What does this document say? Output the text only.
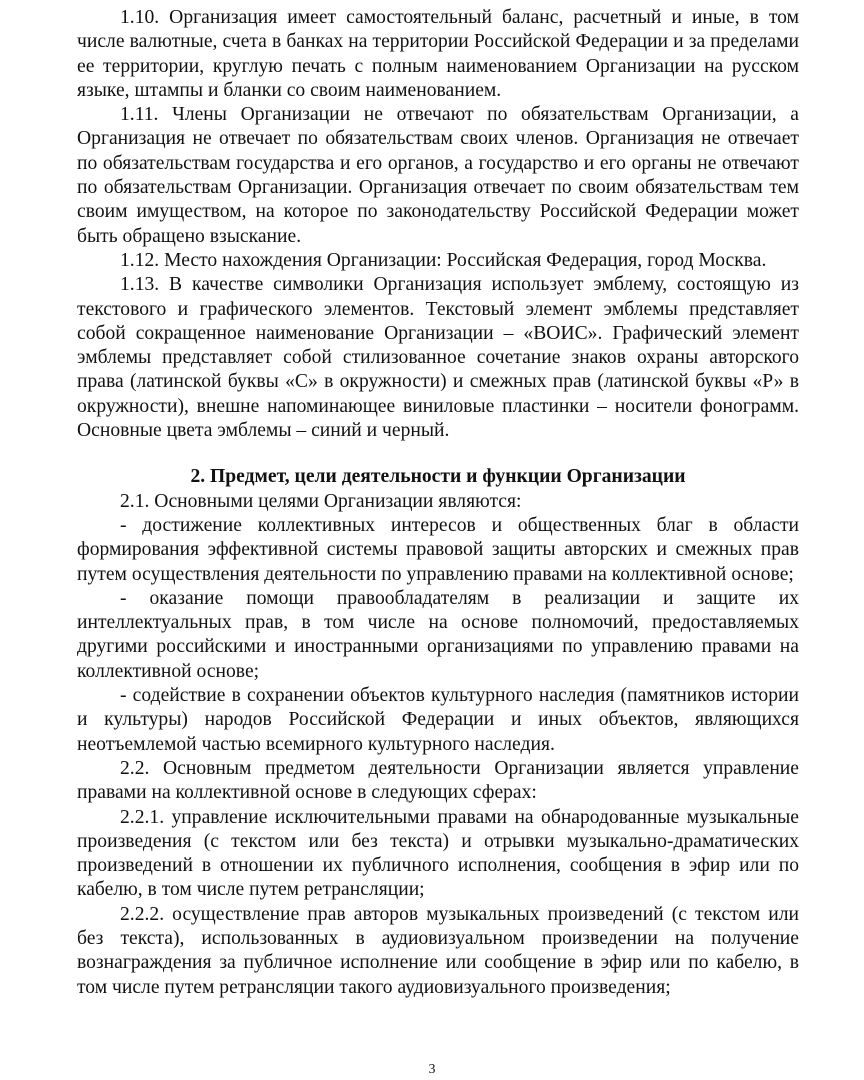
1.10. Организация имеет самостоятельный баланс, расчетный и иные, в том числе валютные, счета в банках на территории Российской Федерации и за пределами ее территории, круглую печать с полным наименованием Организации на русском языке, штампы и бланки со своим наименованием.

1.11. Члены Организации не отвечают по обязательствам Организации, а Организация не отвечает по обязательствам своих членов. Организация не отвечает по обязательствам государства и его органов, а государство и его органы не отвечают по обязательствам Организации. Организация отвечает по своим обязательствам тем своим имуществом, на которое по законодательству Российской Федерации может быть обращено взыскание.

1.12. Место нахождения Организации: Российская Федерация, город Москва.

1.13. В качестве символики Организация использует эмблему, состоящую из текстового и графического элементов. Текстовый элемент эмблемы представляет собой сокращенное наименование Организации – «ВОИС». Графический элемент эмблемы представляет собой стилизованное сочетание знаков охраны авторского права (латинской буквы «С» в окружности) и смежных прав (латинской буквы «Р» в окружности), внешне напоминающее виниловые пластинки – носители фонограмм. Основные цвета эмблемы – синий и черный.

2. Предмет, цели деятельности и функции Организации

2.1. Основными целями Организации являются:

- достижение коллективных интересов и общественных благ в области формирования эффективной системы правовой защиты авторских и смежных прав путем осуществления деятельности по управлению правами на коллективной основе;

- оказание помощи правообладателям в реализации и защите их интеллектуальных прав, в том числе на основе полномочий, предоставляемых другими российскими и иностранными организациями по управлению правами на коллективной основе;

- содействие в сохранении объектов культурного наследия (памятников истории и культуры) народов Российской Федерации и иных объектов, являющихся неотъемлемой частью всемирного культурного наследия.

2.2. Основным предметом деятельности Организации является управление правами на коллективной основе в следующих сферах:

2.2.1. управление исключительными правами на обнародованные музыкальные произведения (с текстом или без текста) и отрывки музыкально-драматических произведений в отношении их публичного исполнения, сообщения в эфир или по кабелю, в том числе путем ретрансляции;

2.2.2. осуществление прав авторов музыкальных произведений (с текстом или без текста), использованных в аудиовизуальном произведении на получение вознаграждения за публичное исполнение или сообщение в эфир или по кабелю, в том числе путем ретрансляции такого аудиовизуального произведения;

3
